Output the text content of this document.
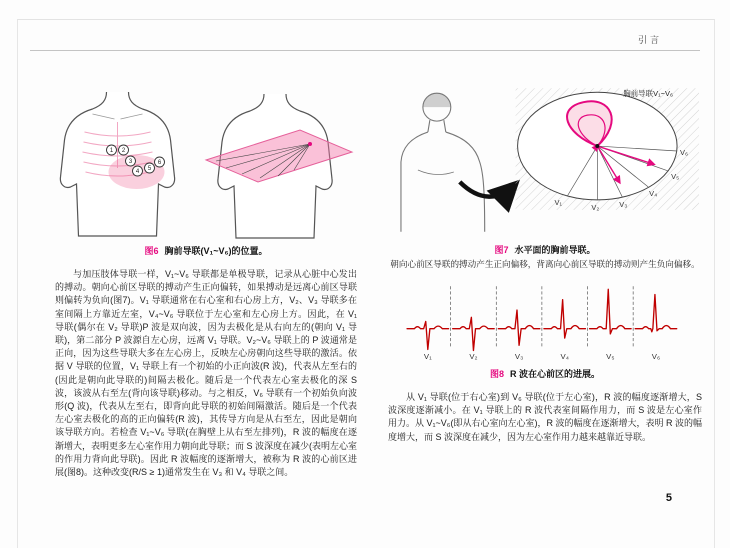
引言
1 2
3
4 5
6
图6 胸前导联(V₁~V₆)的位置。

与加压肢体导联一样，V₁~V₆ 导联都是单极导联，记录从心脏中心发出的搏动。朝向心前区导联的搏动产生正向偏转，如果搏动是远离心前区导联则偏转为负向(图7)。V₁ 导联通常在右心室和右心房上方，V₂、V₃ 导联多在室间隔上方靠近左室，V₄~V₆ 导联位于左心室和左心房上方。因此，在 V₁ 导联(偶尔在 V₂ 导联)P 波是双向波，因为去极化是从右向左的(朝向 V₁ 导联)，第二部分 P 波源自左心房，远离 V₁ 导联。V₂~V₆ 导联上的 P 波通常是正向，因为这些导联大多在左心房上，反映左心房朝向这些导联的激活。依据 V 导联的位置，V₁ 导联上有一个初始的小正向波(R 波)，代表从左至右的(因此是朝向此导联的)间隔去极化。随后是一个代表左心室去极化的深 S 波，该波从右至左(背向该导联)移动。与之相反，V₆ 导联有一个初始负向波形(Q 波)，代表从左至右，即背向此导联的初始间隔激活。随后是一个代表左心室去极化的高的正向偏转(R 波)，其传导方向是从右至左，因此是朝向该导联方向。若检查 V₁~V₆ 导联(在胸壁上从右至左排列)，R 波的幅度在逐渐增大，表明更多左心室作用力朝向此导联；而 S 波深度在减少(表明左心室的作用力背向此导联)。因此 R 波幅度的逐渐增大，被称为 R 波的心前区进展(图8)。这种改变(R/S ≥ 1)通常发生在 V₃ 和 V₄ 导联之间。

胸前导联V₁~V₆
V₁
V₂	V₃
V₄
V₅
V₆
图7 水平面的胸前导联。
朝向心前区导联的搏动产生正向偏移，背离向心前区导联的搏动则产生负向偏移。
V₁	V₂	V₃	V₄	V₅	V₆
图8 R 波在心前区的进展。

从 V₁ 导联(位于右心室)到 V₆ 导联(位于左心室)，R 波的幅度逐渐增大，S 波深度逐渐减小。在 V₁ 导联上的 R 波代表室间隔作用力，而 S 波是左心室作用力。从 V₁~V₆(即从右心室向左心室)，R 波的幅度在逐渐增大，表明 R 波的幅度增大，而 S 波深度在减少，因为左心室作用力越来越靠近导联。

5
